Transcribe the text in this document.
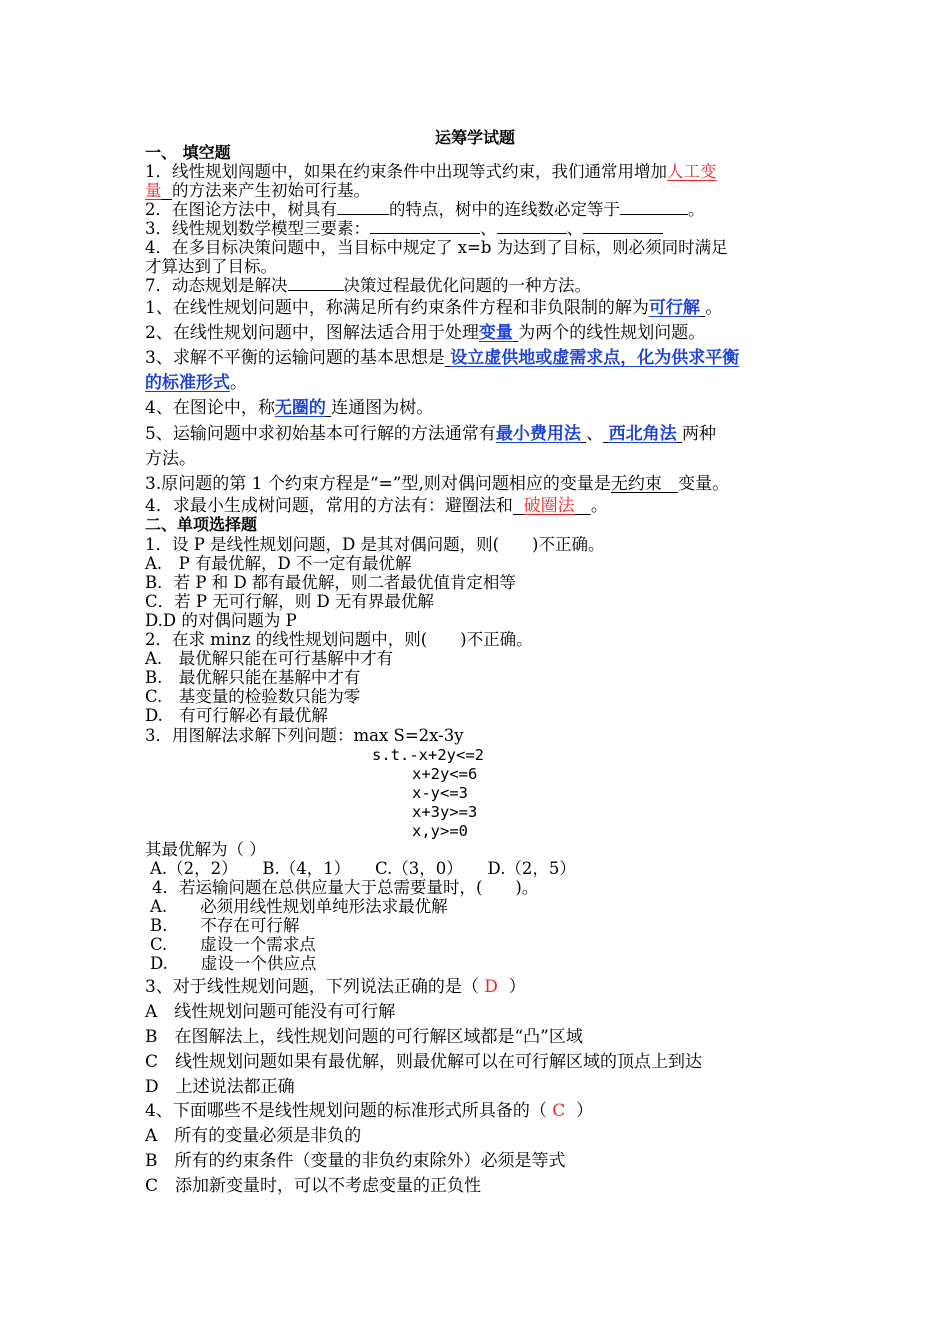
运筹学试题
一、 填空题
1．线性规划闯题中，如果在约束条件中出现等式约束，我们通常用增加人工变
量 的方法来产生初始可行基。
2．在图论方法中，树具有	的特点，树中的连线数必定等于	。
3．线性规划数学模型三要素：	、	、
4．在多目标决策问题中，当目标中规定了 x=b 为达到了目标，则必须同时满足
才算达到了目标。
7．动态规划是解决	决策过程最优化问题的一种方法。
1、在线性规划问题中，称满足所有约束条件方程和非负限制的解为可行解 。
2、在线性规划问题中，图解法适合用于处理变量 为两个的线性规划问题。
3、求解不平衡的运输问题的基本思想是 设立虚供地或虚需求点，化为供求平衡
的标准形式。
4、在图论中，称无圈的 连通图为树。
5、运输问题中求初始基本可行解的方法通常有最小费用法 、 西北角法 两种
方法。
3.原问题的第 1 个约束方程是“=”型,则对偶问题相应的变量是无约束 变量。
4．求最小生成树问题，常用的方法有：避圈法和 破圈法 。
二、单项选择题
1．设 P 是线性规划问题，D 是其对偶问题，则(　　)不正确。
A.　P 有最优解，D 不一定有最优解
B．若 P 和 D 都有最优解，则二者最优值肯定相等
C．若 P 无可行解，则 D 无有界最优解
D.D 的对偶问题为 P
2．在求 minz 的线性规划问题中，则(　　)不正确。
A.　最优解只能在可行基解中才有
B.　最优解只能在基解中才有
C.　基变量的检验数只能为零
D.　有可行解必有最优解
3．用图解法求解下列问题：max S=2x-3y
s.t.-x+2y<=2
x+2y<=6
x-y<=3
x+3y>=3
x,y>=0
其最优解为（ ）
A.（2，2）　　B.（4，1）　　C.（3，0）　　D.（2，5）
4．若运输问题在总供应量大于总需要量时，(　　)。
A.　　必须用线性规划单纯形法求最优解
B.　　不存在可行解
C.　　虚设一个需求点
D.　　虚设一个供应点
3、对于线性规划问题，下列说法正确的是（ D ）
A　线性规划问题可能没有可行解
B　在图解法上，线性规划问题的可行解区域都是“凸”区域
C　线性规划问题如果有最优解，则最优解可以在可行解区域的顶点上到达
D　上述说法都正确
4、下面哪些不是线性规划问题的标准形式所具备的（ C ）
A　所有的变量必须是非负的
B　所有的约束条件（变量的非负约束除外）必须是等式
C　添加新变量时，可以不考虑变量的正负性
